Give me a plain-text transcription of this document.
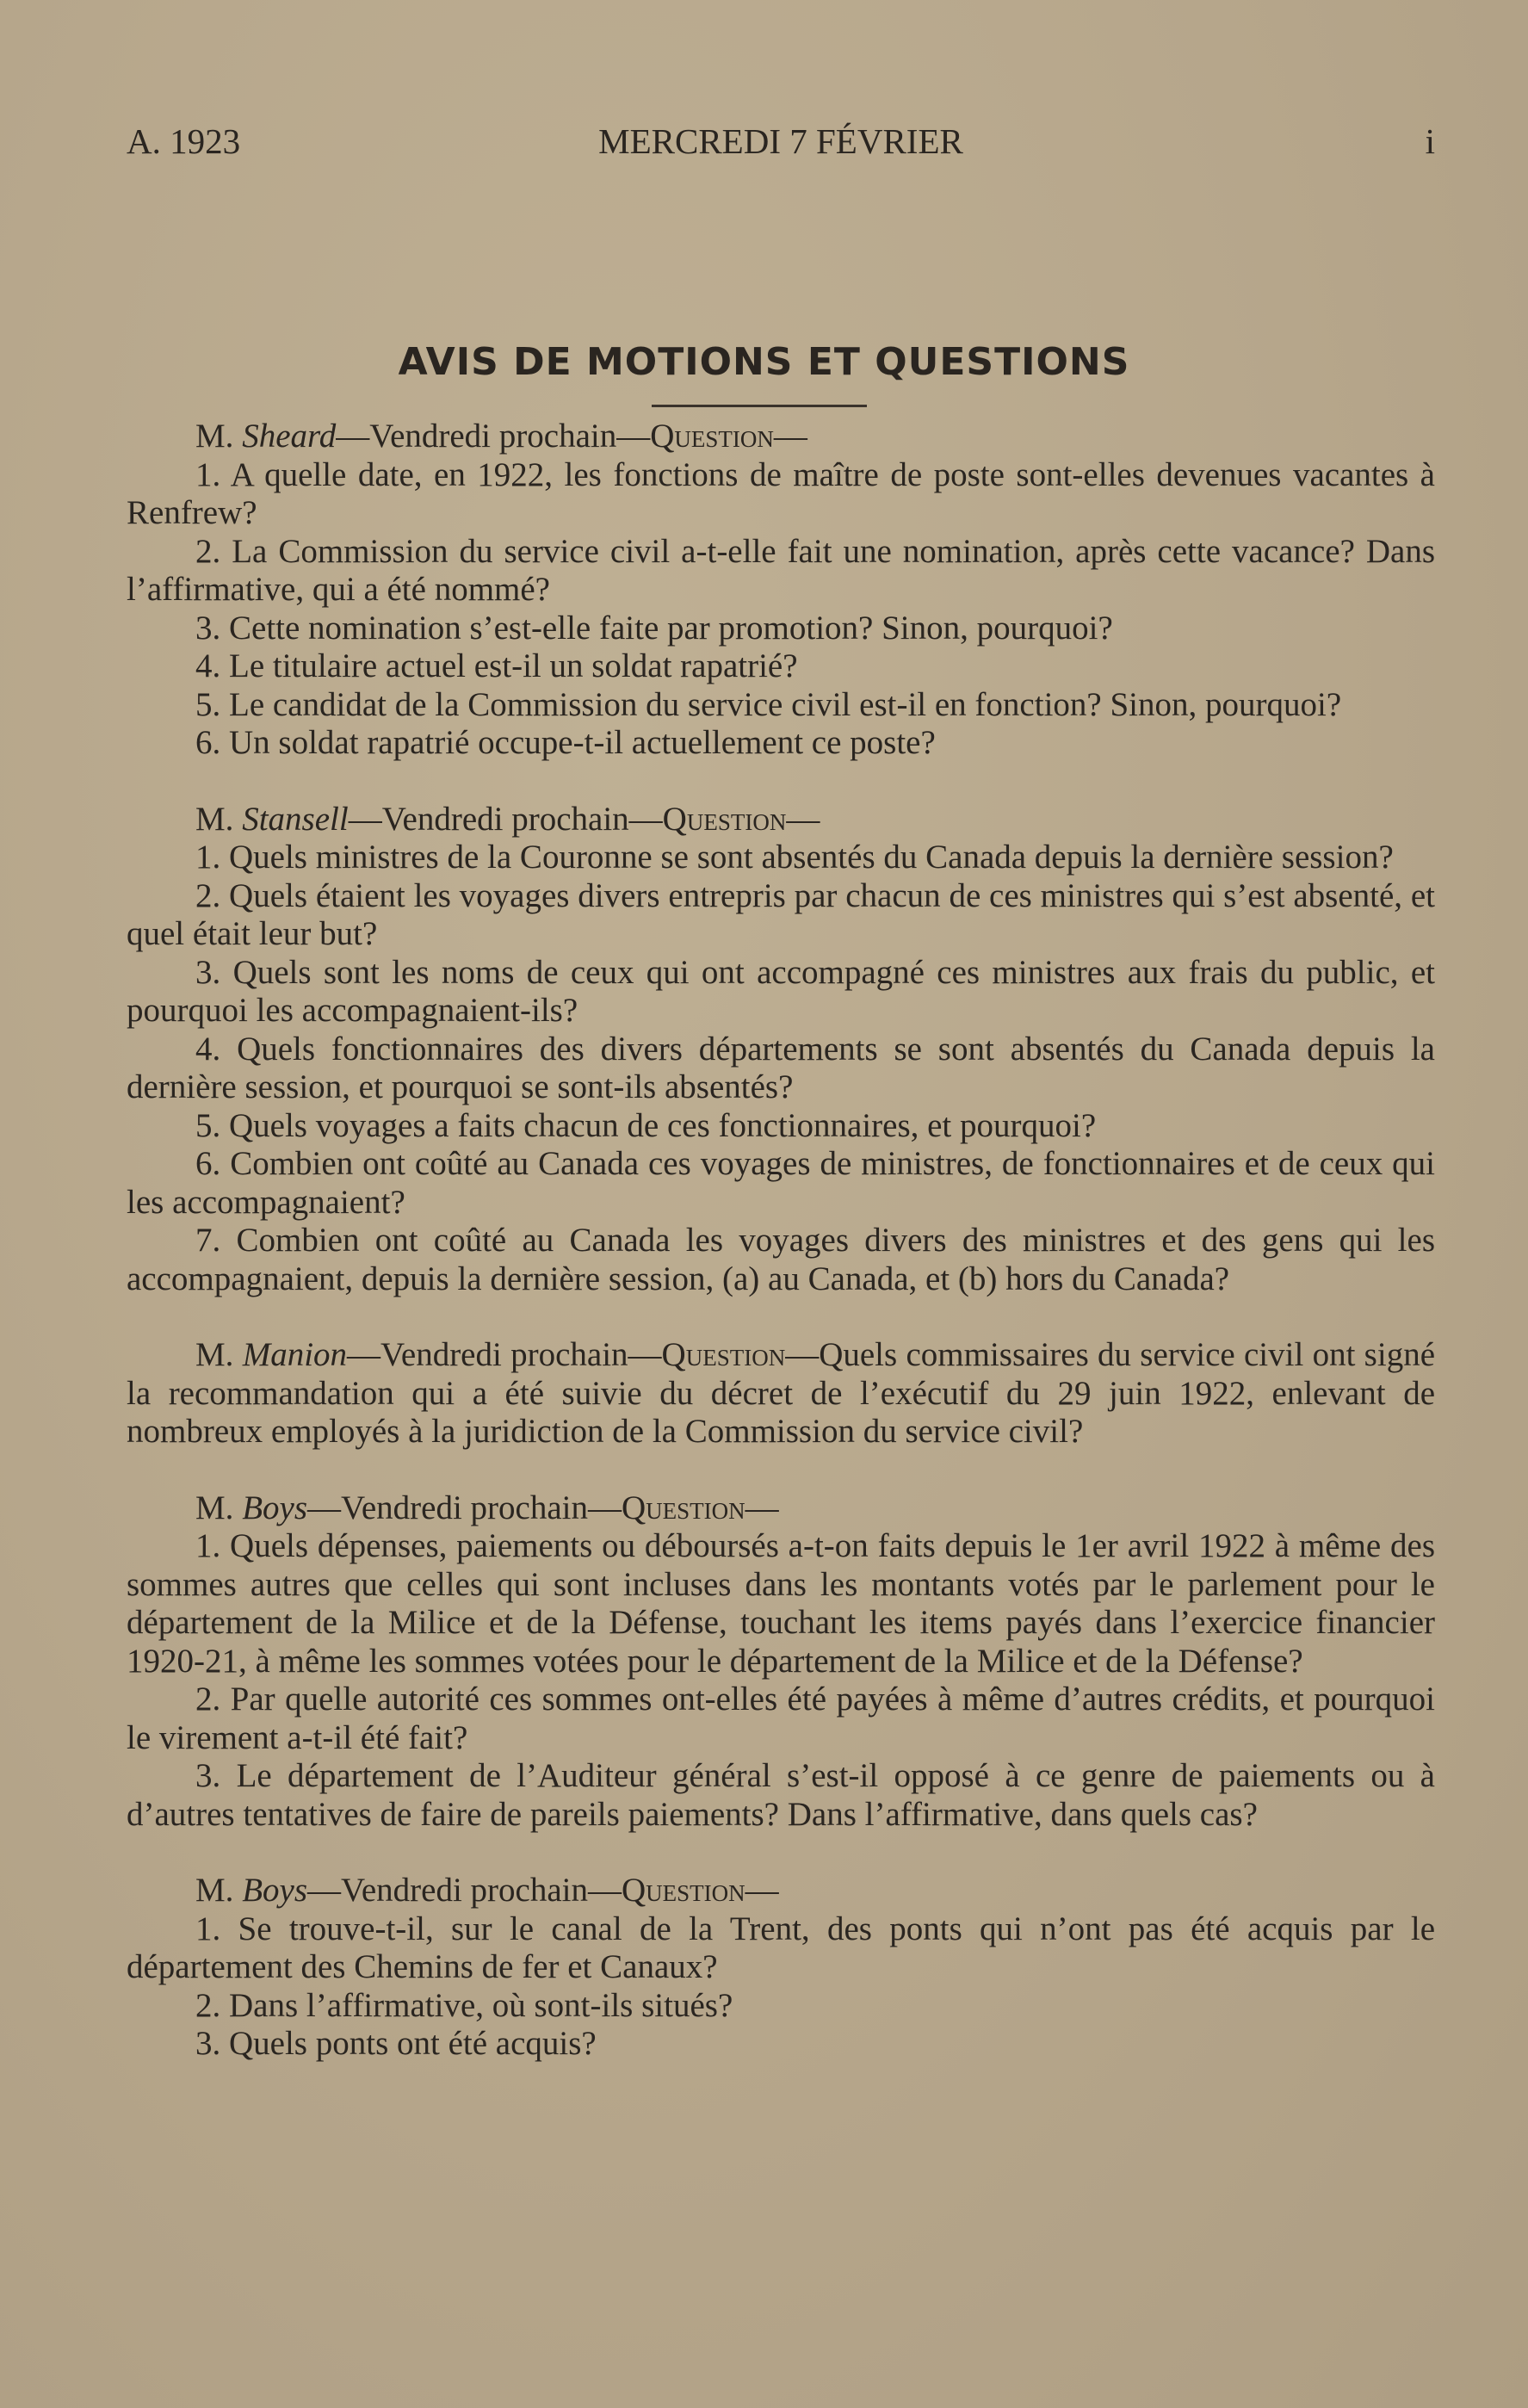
A. 1923	MERCREDI 7 FÉVRIER	i
AVIS DE MOTIONS ET QUESTIONS

M. Sheard—Vendredi prochain—Question—

1. A quelle date, en 1922, les fonctions de maître de poste sont-elles devenues vacantes à Renfrew?

2. La Commission du service civil a-t-elle fait une nomination, après cette vacance? Dans l’affirmative, qui a été nommé?

3. Cette nomination s’est-elle faite par promotion? Sinon, pourquoi?

4. Le titulaire actuel est-il un soldat rapatrié?

5. Le candidat de la Commission du service civil est-il en fonction? Sinon, pourquoi?

6. Un soldat rapatrié occupe-t-il actuellement ce poste?

M. Stansell—Vendredi prochain—Question—

1. Quels ministres de la Couronne se sont absentés du Canada depuis la dernière session?

2. Quels étaient les voyages divers entrepris par chacun de ces ministres qui s’est absenté, et quel était leur but?

3. Quels sont les noms de ceux qui ont accompagné ces ministres aux frais du public, et pourquoi les accompagnaient-ils?

4. Quels fonctionnaires des divers départements se sont absentés du Canada depuis la dernière session, et pourquoi se sont-ils absentés?

5. Quels voyages a faits chacun de ces fonctionnaires, et pourquoi?

6. Combien ont coûté au Canada ces voyages de ministres, de fonctionnaires et de ceux qui les accompagnaient?

7. Combien ont coûté au Canada les voyages divers des ministres et des gens qui les accompagnaient, depuis la dernière session, (a) au Canada, et (b) hors du Canada?

M. Manion—Vendredi prochain—Question—Quels commissaires du service civil ont signé la recommandation qui a été suivie du décret de l’exécutif du 29 juin 1922, enlevant de nombreux employés à la juridiction de la Commission du service civil?

M. Boys—Vendredi prochain—Question—

1. Quels dépenses, paiements ou déboursés a-t-on faits depuis le 1er avril 1922 à même des sommes autres que celles qui sont incluses dans les montants votés par le parlement pour le département de la Milice et de la Défense, touchant les items payés dans l’exercice financier 1920-21, à même les sommes votées pour le département de la Milice et de la Défense?

2. Par quelle autorité ces sommes ont-elles été payées à même d’autres crédits, et pourquoi le virement a-t-il été fait?

3. Le département de l’Auditeur général s’est-il opposé à ce genre de paiements ou à d’autres tentatives de faire de pareils paiements? Dans l’affirmative, dans quels cas?

M. Boys—Vendredi prochain—Question—

1. Se trouve-t-il, sur le canal de la Trent, des ponts qui n’ont pas été acquis par le département des Chemins de fer et Canaux?

2. Dans l’affirmative, où sont-ils situés?

3. Quels ponts ont été acquis?
